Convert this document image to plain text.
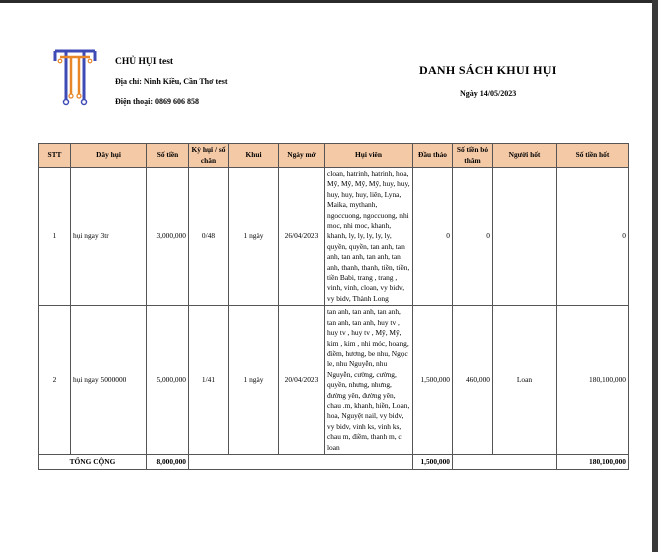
CHỦ HỤI test
Địa chỉ: Ninh Kiều, Cần Thơ test
Điện thoại: 0869 606 858
DANH SÁCH KHUI HỤI
Ngày 14/05/2023
STT	Dây hụi	Số tiền	Kỳ hụi / số chân	Khui	Ngày mở	Hụi viên	Đầu thảo	Số tiền bỏ thăm	Người hốt	Số tiền hốt
1	hụi ngay 3tr	3,000,000	0/48	1 ngày	26/04/2023	cloan, hatrinh, hatrinh, hoa, Mỹ, Mỹ, Mỹ, Mỹ, huy, huy, huy, huy, huy, liên, Lyna, Maika, mythanh, ngoccuong, ngoccuong, nhi moc, nhi moc, khanh, khanh, ly, ly, ly, ly, ly, quyền, quyền, tan anh, tan anh, tan anh, tan anh, tan anh, thanh, thanh, tiền, tiền, tiền Babi, trang , trang , vinh, vinh, cloan, vy bidv, vy bidv, Thành Long	0	0		0
2	hụi ngay 5000000	5,000,000	1/41	1 ngày	20/04/2023	tan anh, tan anh, tan anh, tan anh, tan anh, huy tv , huy tv , huy tv , Mỹ, Mỹ, kim , kim , nhi móc, hoang, điềm, hương, be nhu, Ngọc le, nhu Nguyễn, nhu Nguyễn, cường, cường, quyền, nhưng, nhưng, đường yên, đường yên, chau .m, khanh, hiền, Loan, hoa, Nguyệt nail, vy bidv, vy bidv, vinh ks, vinh ks, chau m, điềm, thanh m, c loan	1,500,000	460,000	Loan	180,100,000
TỔNG CỘNG		8,000,000					1,500,000			180,100,000
